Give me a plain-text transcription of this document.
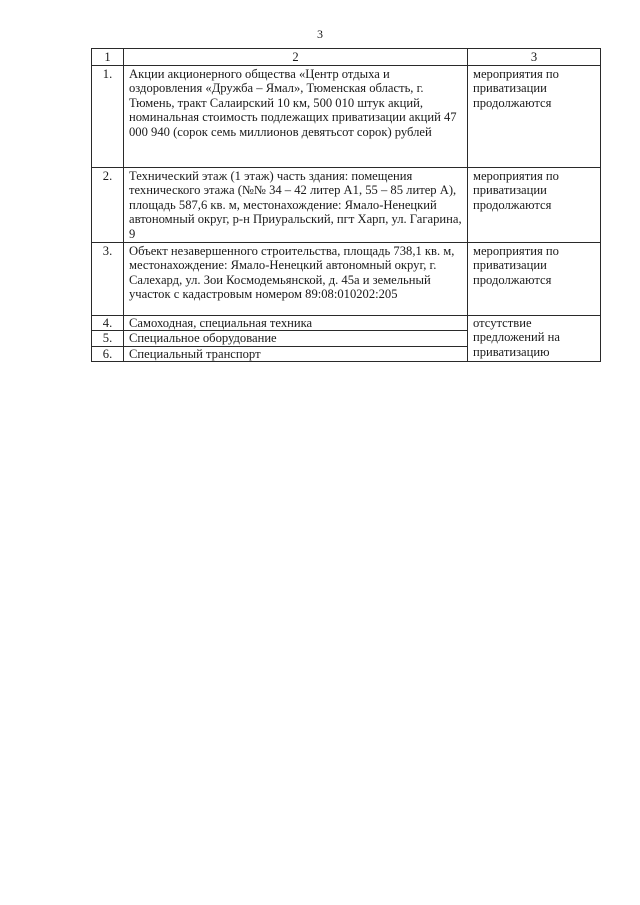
3
1	2	3
1.	Акции акционерного общества «Центр отдыха и оздоровления «Дружба – Ямал», Тюменская область, г. Тюмень, тракт Салаирский 10 км, 500 010 штук акций, номинальная стоимость подлежащих приватизации акций 47 000 940 (сорок семь миллионов девятьсот сорок) рублей	мероприятия по приватизации продолжаются
2.	Технический этаж (1 этаж) часть здания: помещения технического этажа (№№ 34 – 42 литер А1, 55 – 85 литер А), площадь 587,6 кв. м, местонахождение: Ямало-Ненецкий автономный округ, р-н Приуральский, пгт Харп, ул. Гагарина, 9	мероприятия по приватизации продолжаются
3.	Объект незавершенного строительства, площадь 738,1 кв. м, местонахождение: Ямало-Ненецкий автономный округ, г. Салехард, ул. Зои Космодемьянской, д. 45а и земельный участок с кадастровым номером 89:08:010202:205	мероприятия по приватизации продолжаются
4.	Самоходная, специальная техника	отсутствие предложений на приватизацию
5.	Специальное оборудование	
6.	Специальный транспорт	
